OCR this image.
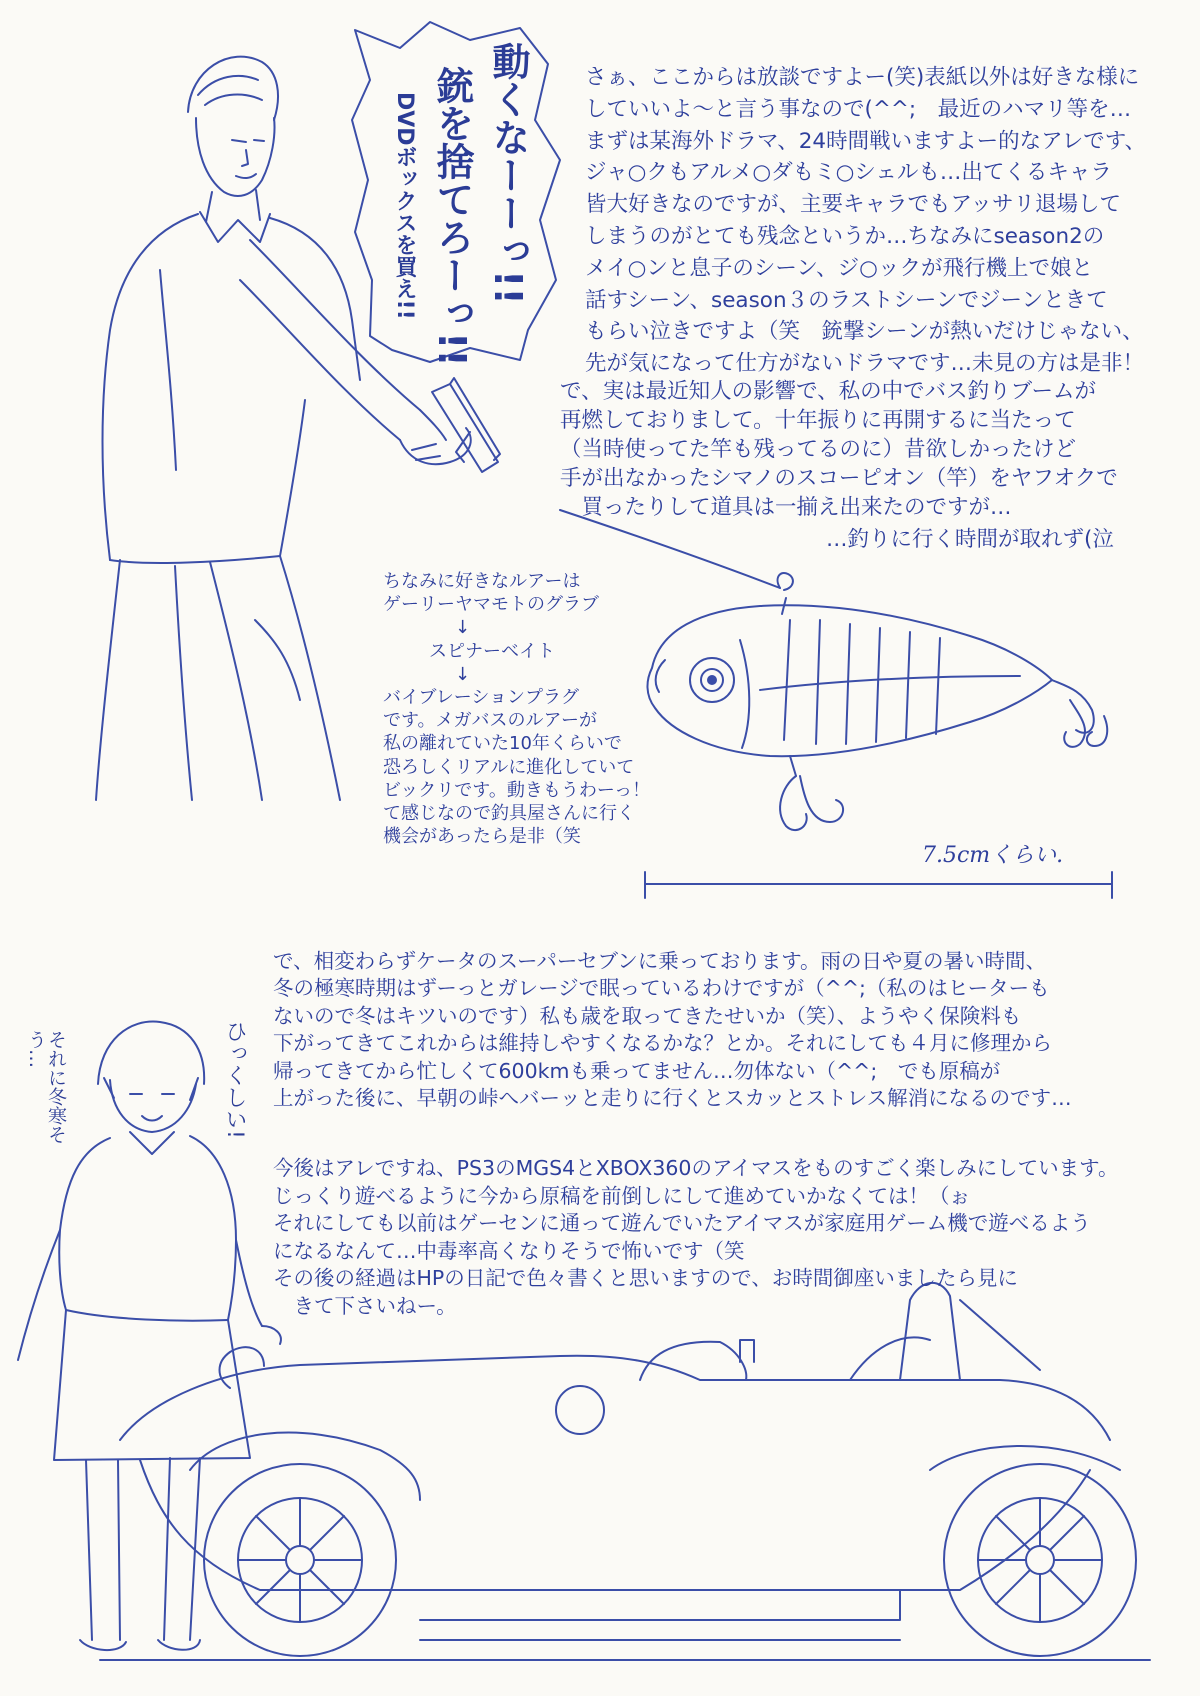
動くなーーっ!!
銃を捨てろーっ!!
DVDボックスを買え!!
さぁ、ここからは放談ですよー(笑)表紙以外は好きな様に
していいよ〜と言う事なので(^^;　最近のハマリ等を…
まずは某海外ドラマ、24時間戦いますよー的なアレです、
ジャ○クもアルメ○ダもミ○シェルも…出てくるキャラ
皆大好きなのですが、主要キャラでもアッサリ退場して
しまうのがとても残念というか…ちなみにseason2の
メイ○ンと息子のシーン、ジ○ックが飛行機上で娘と
話すシーン、season３のラストシーンでジーンときて
もらい泣きですよ（笑　銃撃シーンが熱いだけじゃない、
先が気になって仕方がないドラマです…未見の方は是非！
で、実は最近知人の影響で、私の中でバス釣りブームが
再燃しておりまして。十年振りに再開するに当たって
（当時使ってた竿も残ってるのに）昔欲しかったけど
手が出なかったシマノのスコーピオン（竿）をヤフオクで
　買ったりして道具は一揃え出来たのですが…
…釣りに行く時間が取れず(泣
ちなみに好きなルアーは
ゲーリーヤマモトのグラブ
↓
スピナーベイト
↓
バイブレーションプラグ
です。メガバスのルアーが
私の離れていた10年くらいで
恐ろしくリアルに進化していて
ビックリです。動きもうわーっ！
て感じなので釣具屋さんに行く
機会があったら是非（笑
7.5cmくらい.
で、相変わらずケータのスーパーセブンに乗っております。雨の日や夏の暑い時間、
冬の極寒時期はずーっとガレージで眠っているわけですが（^^;（私のはヒーターも
ないので冬はキツいのです）私も歳を取ってきたせいか（笑）、ようやく保険料も
下がってきてこれからは維持しやすくなるかな？とか。それにしても４月に修理から
帰ってきてから忙しくて600kmも乗ってません…勿体ない（^^;　でも原稿が
上がった後に、早朝の峠へバーッと走りに行くとスカッとストレス解消になるのです…
今後はアレですね、PS3のMGS4とXBOX360のアイマスをものすごく楽しみにしています。
じっくり遊べるように今から原稿を前倒しにして進めていかなくては！（ぉ
それにしても以前はゲーセンに通って遊んでいたアイマスが家庭用ゲーム機で遊べるよう
になるなんて…中毒率高くなりそうで怖いです（笑
その後の経過はHPの日記で色々書くと思いますので、お時間御座いましたら見に
　きて下さいねー。
それに冬寒そう…	ひっくしい!
